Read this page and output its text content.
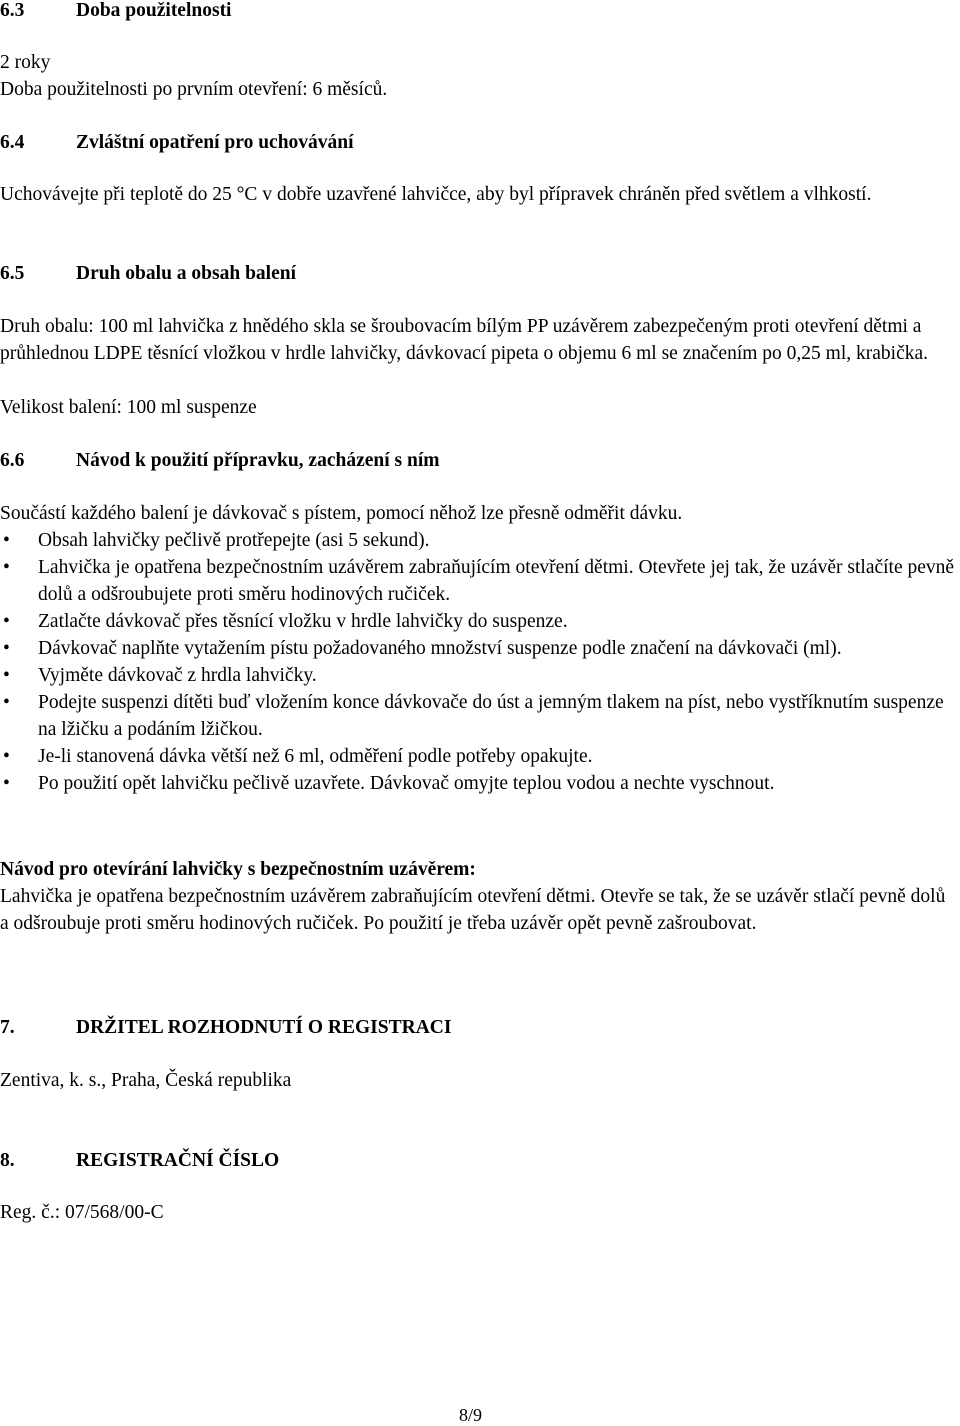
6.3	Doba použitelnosti

2 roky
Doba použitelnosti po prvním otevření: 6 měsíců.

6.4	Zvláštní opatření pro uchovávání

Uchovávejte při teplotě do 25 °C v dobře uzavřené lahvičce, aby byl přípravek chráněn před světlem a vlhkostí.

6.5	Druh obalu a obsah balení

Druh obalu: 100 ml lahvička z hnědého skla se šroubovacím bílým PP uzávěrem zabezpečeným proti otevření dětmi a průhlednou LDPE těsnící vložkou v hrdle lahvičky, dávkovací pipeta o objemu 6 ml se značením po 0,25 ml, krabička.

Velikost balení: 100 ml suspenze

6.6	Návod k použití přípravku, zacházení s ním

Součástí každého balení je dávkovač s pístem, pomocí něhož lze přesně odměřit dávku.

• Obsah lahvičky pečlivě protřepejte (asi 5 sekund).
• Lahvička je opatřena bezpečnostním uzávěrem zabraňujícím otevření dětmi. Otevřete jej tak, že uzávěr stlačíte pevně dolů a odšroubujete proti směru hodinových ručiček.
• Zatlačte dávkovač přes těsnící vložku v hrdle lahvičky do suspenze.
• Dávkovač naplňte vytažením pístu požadovaného množství suspenze podle značení na dávkovači (ml).
• Vyjměte dávkovač z hrdla lahvičky.
• Podejte suspenzi dítěti buď vložením konce dávkovače do úst a jemným tlakem na píst, nebo vystříknutím suspenze na lžičku a podáním lžičkou.
• Je-li stanovená dávka větší než 6 ml, odměření podle potřeby opakujte.
• Po použití opět lahvičku pečlivě uzavřete. Dávkovač omyjte teplou vodou a nechte vyschnout.

Návod pro otevírání lahvičky s bezpečnostním uzávěrem:

Lahvička je opatřena bezpečnostním uzávěrem zabraňujícím otevření dětmi. Otevře se tak, že se uzávěr stlačí pevně dolů a odšroubuje proti směru hodinových ručiček. Po použití je třeba uzávěr opět pevně zašroubovat.

7.	DRŽITEL ROZHODNUTÍ O REGISTRACI

Zentiva, k. s., Praha, Česká republika

8.	REGISTRAČNÍ ČÍSLO

Reg. č.: 07/568/00-C

8/9
